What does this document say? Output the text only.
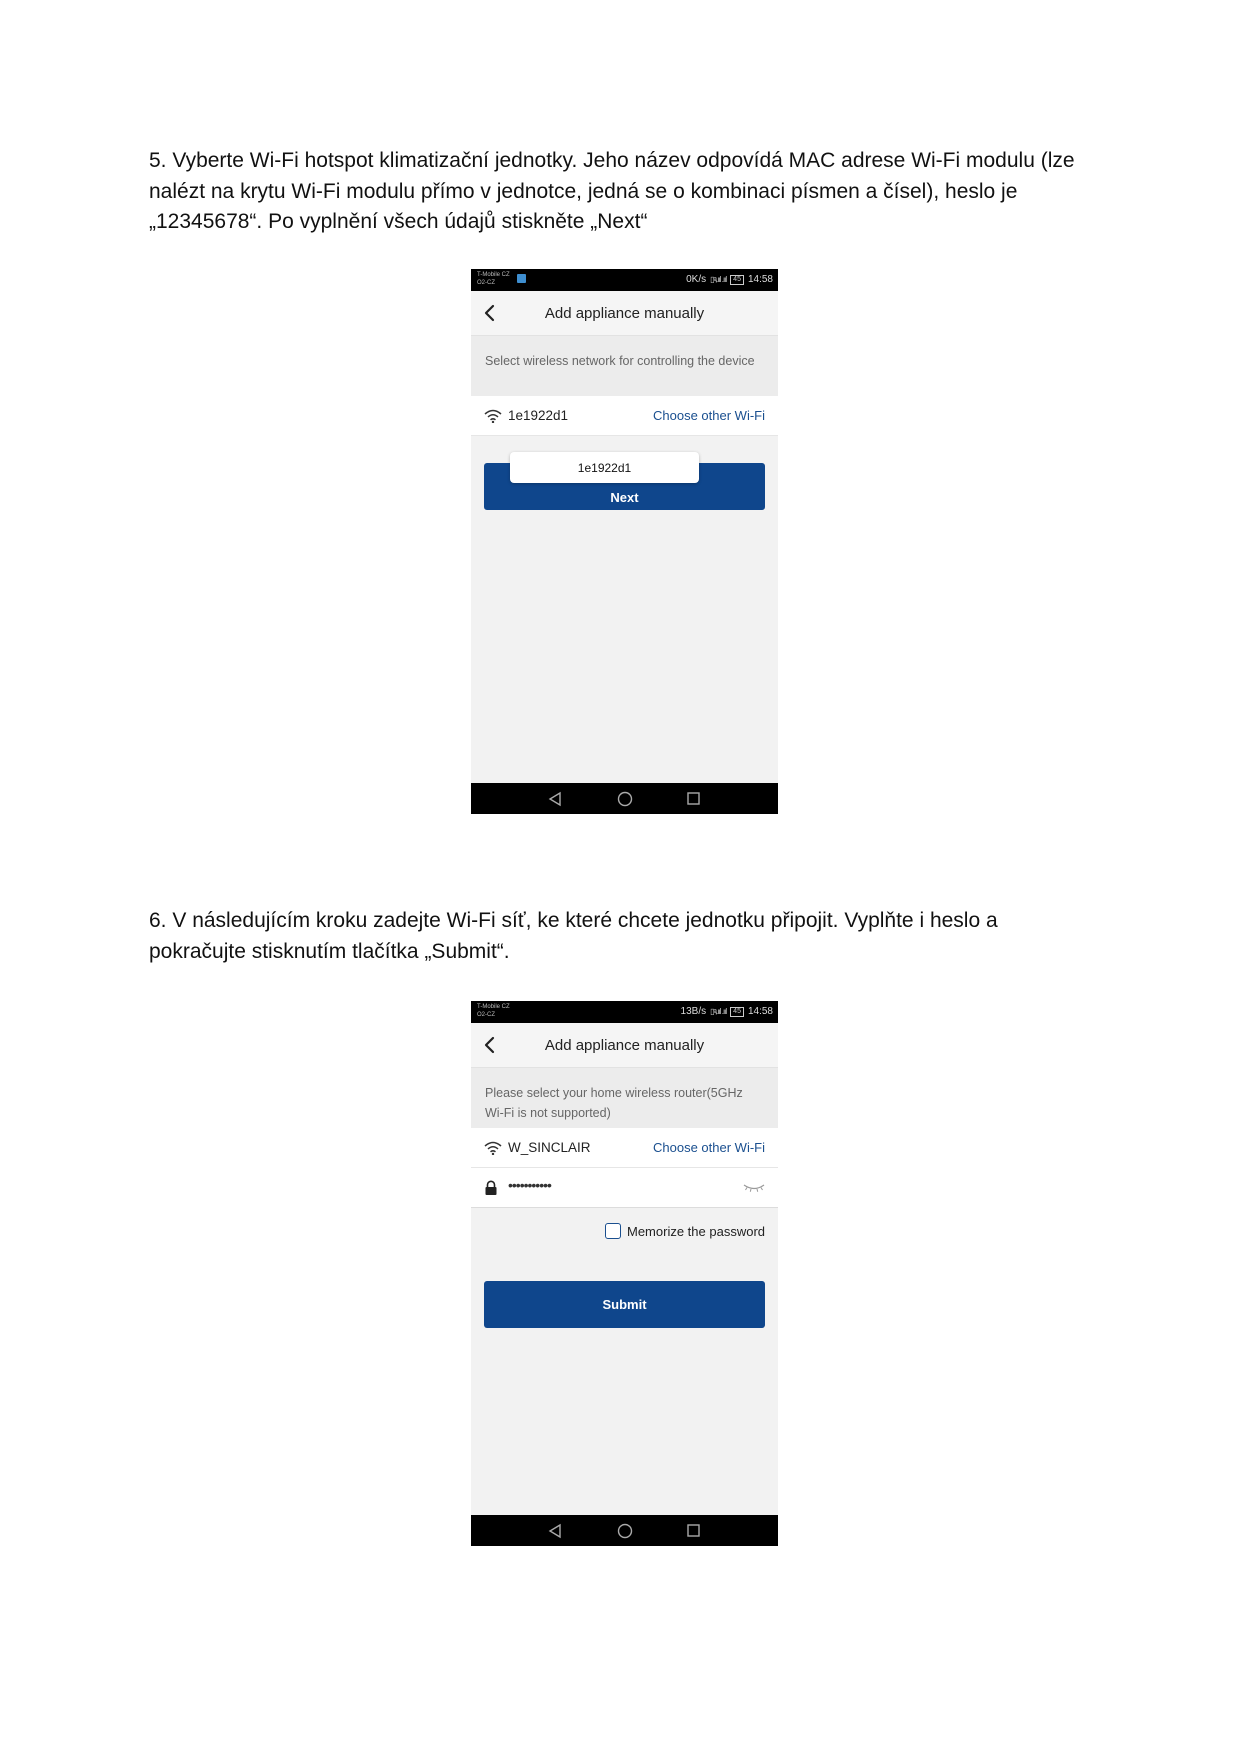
5. Vyberte Wi-Fi hotspot klimatizační jednotky. Jeho název odpovídá MAC adrese Wi-Fi modulu (lze
nalézt na krytu Wi-Fi modulu přímo v jednotce, jedná se o kombinaci písmen a čísel), heslo je
„12345678“. Po vyplnění všech údajů stiskněte „Next“
T-Mobile CZ
O2-CZ	0K/s ▯ᵍᵢᵢ.ııl .ııl	45 14:58
Add appliance manually
Select wireless network for controlling the device
1e1922d1	Choose other Wi-Fi
Next
1e1922d1
6. V následujícím kroku zadejte Wi-Fi síť, ke které chcete jednotku připojit. Vyplňte i heslo a
pokračujte stisknutím tlačítka „Submit“.
T-Mobile CZ
O2-CZ	13B/s ▯ᵍᵢᵢ.ııl .ııl	45 14:58
Add appliance manually
Please select your home wireless router(5GHz Wi-Fi is not supported)
W_SINCLAIR	Choose other Wi-Fi
•••••••••••
Memorize the password
Submit
